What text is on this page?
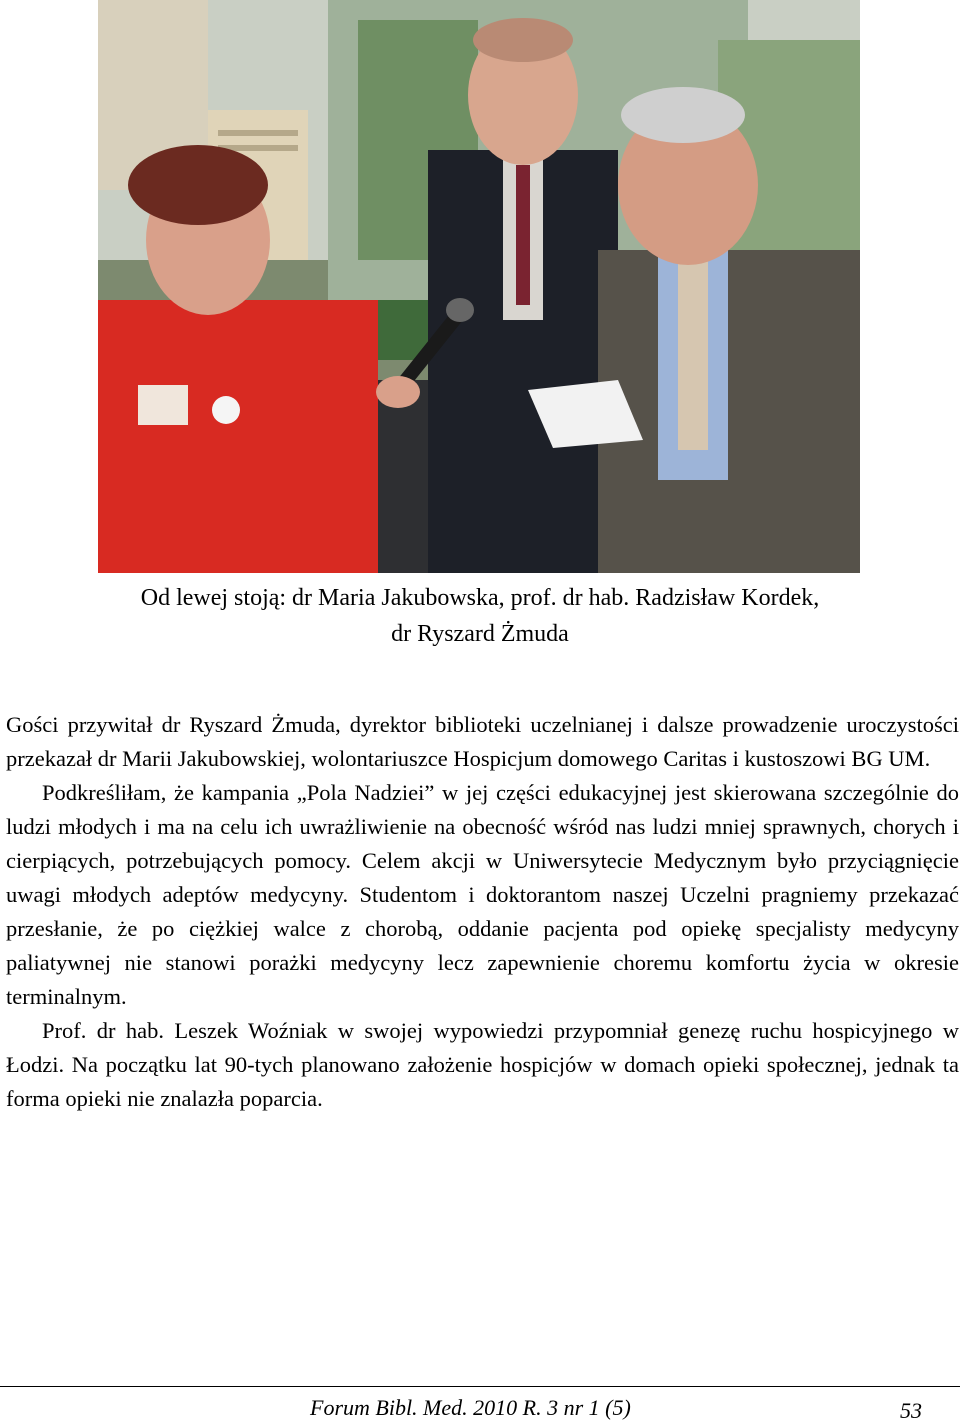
Od lewej stoją: dr Maria Jakubowska, prof. dr hab. Radzisław Kordek,
dr Ryszard Żmuda

Gości przywitał dr Ryszard Żmuda, dyrektor biblioteki uczelnianej i dalsze prowadzenie uroczystości przekazał dr Marii Jakubowskiej, wolontariuszce Hospicjum domowego Caritas i kustoszowi BG UM.

Podkreśliłam, że kampania „Pola Nadziei” w jej części edukacyjnej jest skierowana szczególnie do ludzi młodych i ma na celu ich uwrażliwienie na obecność wśród nas ludzi mniej sprawnych, chorych i cierpiących, potrzebujących pomocy. Celem akcji w Uniwersytecie Medycznym było przyciągnięcie uwagi młodych adeptów medycyny. Studentom i doktorantom naszej Uczelni pragniemy przekazać przesłanie, że po ciężkiej walce z chorobą, oddanie pacjenta pod opiekę specjalisty medycyny paliatywnej nie stanowi porażki medycyny lecz zapewnienie choremu komfortu życia w okresie terminalnym.

Prof. dr hab. Leszek Woźniak w swojej wypowiedzi przypomniał genezę ruchu hospicyjnego w Łodzi. Na początku lat 90-tych planowano założenie hospicjów w domach opieki społecznej, jednak ta forma opieki nie znalazła poparcia.

Forum Bibl. Med. 2010 R. 3 nr 1 (5)	53
